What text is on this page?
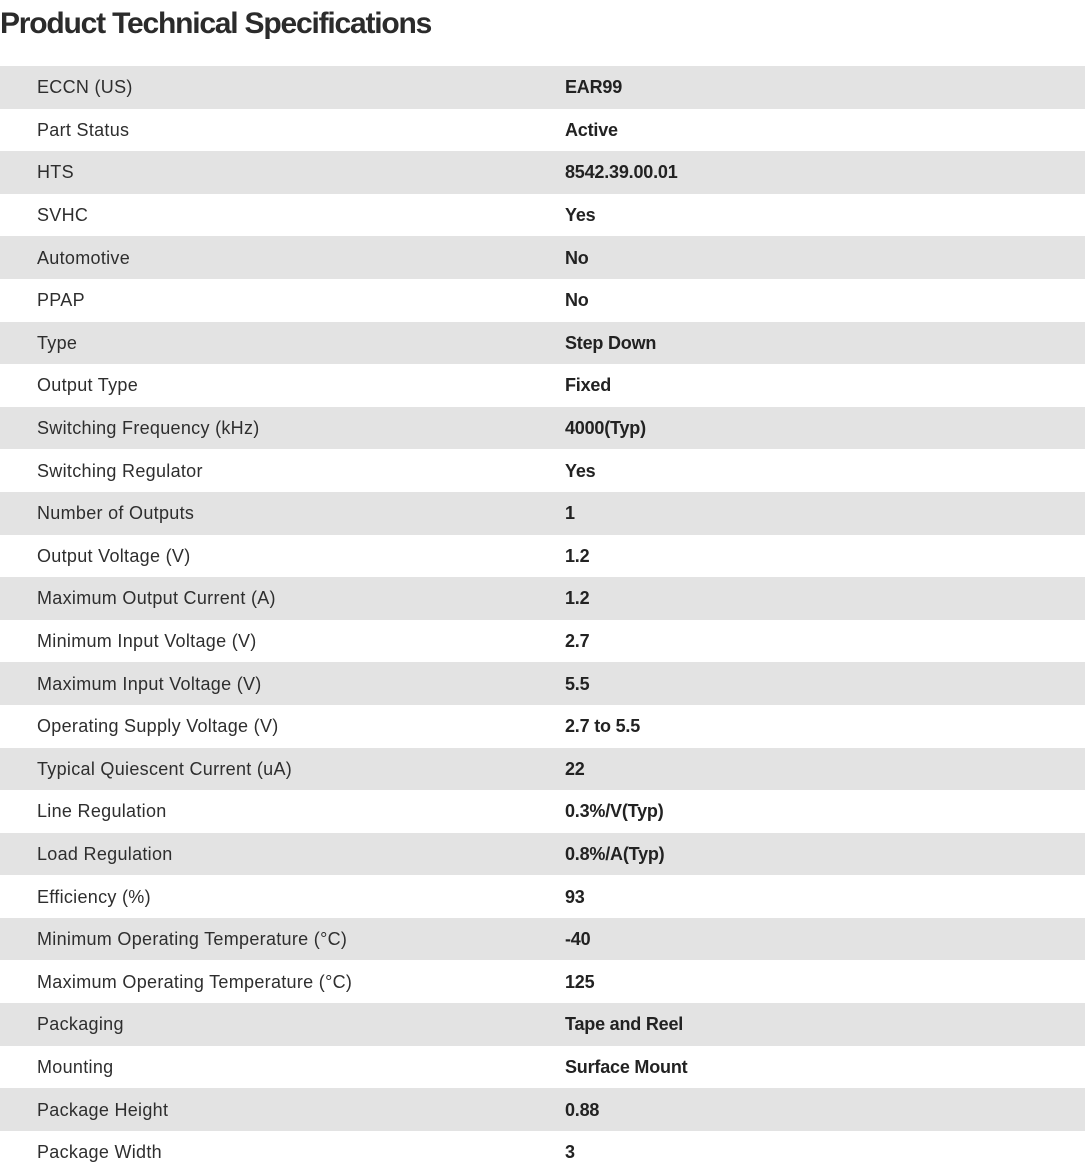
Product Technical Specifications
ECCN (US)	EAR99
Part Status	Active
HTS	8542.39.00.01
SVHC	Yes
Automotive	No
PPAP	No
Type	Step Down
Output Type	Fixed
Switching Frequency (kHz)	4000(Typ)
Switching Regulator	Yes
Number of Outputs	1
Output Voltage (V)	1.2
Maximum Output Current (A)	1.2
Minimum Input Voltage (V)	2.7
Maximum Input Voltage (V)	5.5
Operating Supply Voltage (V)	2.7 to 5.5
Typical Quiescent Current (uA)	22
Line Regulation	0.3%/V(Typ)
Load Regulation	0.8%/A(Typ)
Efficiency (%)	93
Minimum Operating Temperature (°C)	-40
Maximum Operating Temperature (°C)	125
Packaging	Tape and Reel
Mounting	Surface Mount
Package Height	0.88
Package Width	3
